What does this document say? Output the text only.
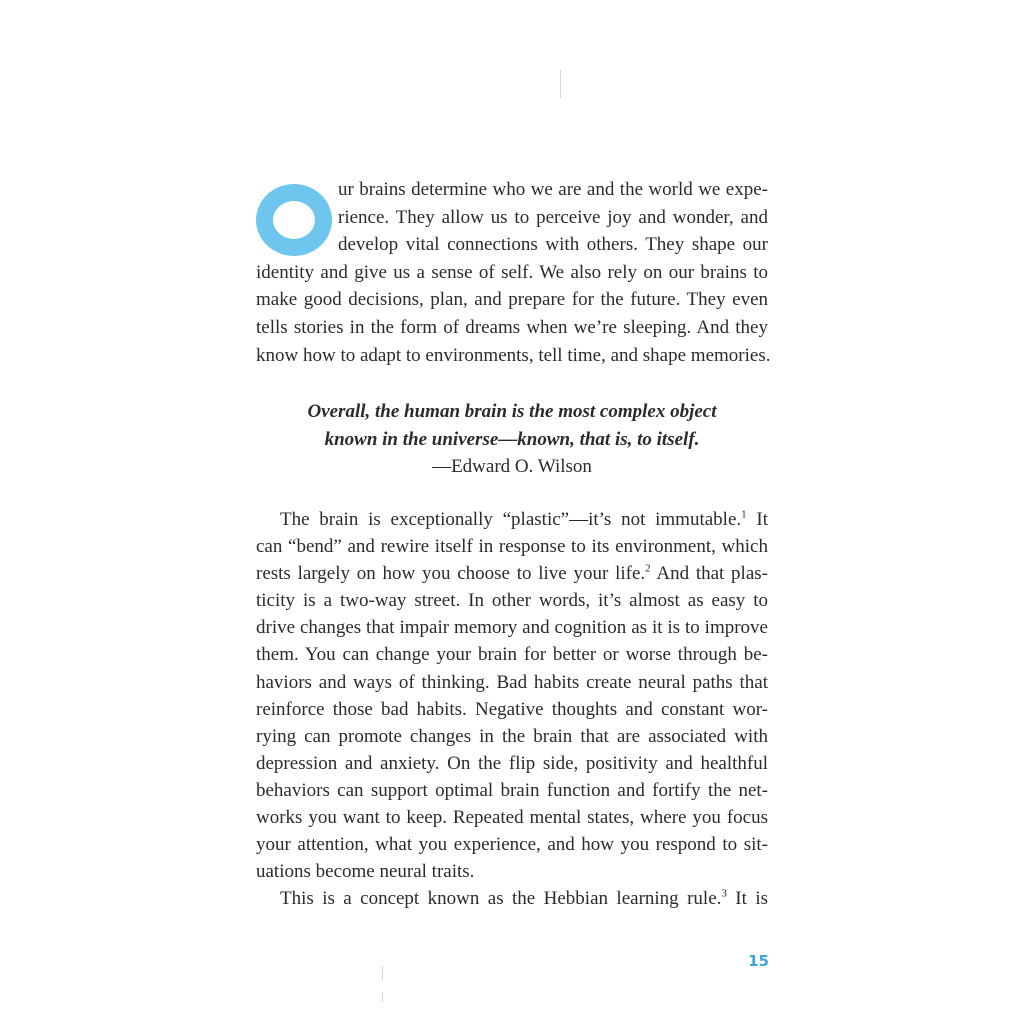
ur brains determine who we are and the world we expe-
rience. They allow us to perceive joy and wonder, and
develop vital connections with others. They shape our
identity and give us a sense of self. We also rely on our brains to
make good decisions, plan, and prepare for the future. They even
tells stories in the form of dreams when we’re sleeping. And they
know how to adapt to environments, tell time, and shape memories.
Overall, the human brain is the most complex object
known in the universe—known, that is, to itself.
—Edward O. Wilson
The brain is exceptionally “plastic”—it’s not immutable.$^1$ It
can “bend” and rewire itself in response to its environment, which
rests largely on how you choose to live your life.$^2$ And that plas-
ticity is a two-way street. In other words, it’s almost as easy to
drive changes that impair memory and cognition as it is to improve
them. You can change your brain for better or worse through be-
haviors and ways of thinking. Bad habits create neural paths that
reinforce those bad habits. Negative thoughts and constant wor-
rying can promote changes in the brain that are associated with
depression and anxiety. On the flip side, positivity and healthful
behaviors can support optimal brain function and fortify the net-
works you want to keep. Repeated mental states, where you focus
your attention, what you experience, and how you respond to sit-
uations become neural traits.
This is a concept known as the Hebbian learning rule.$^3$ It is
15
